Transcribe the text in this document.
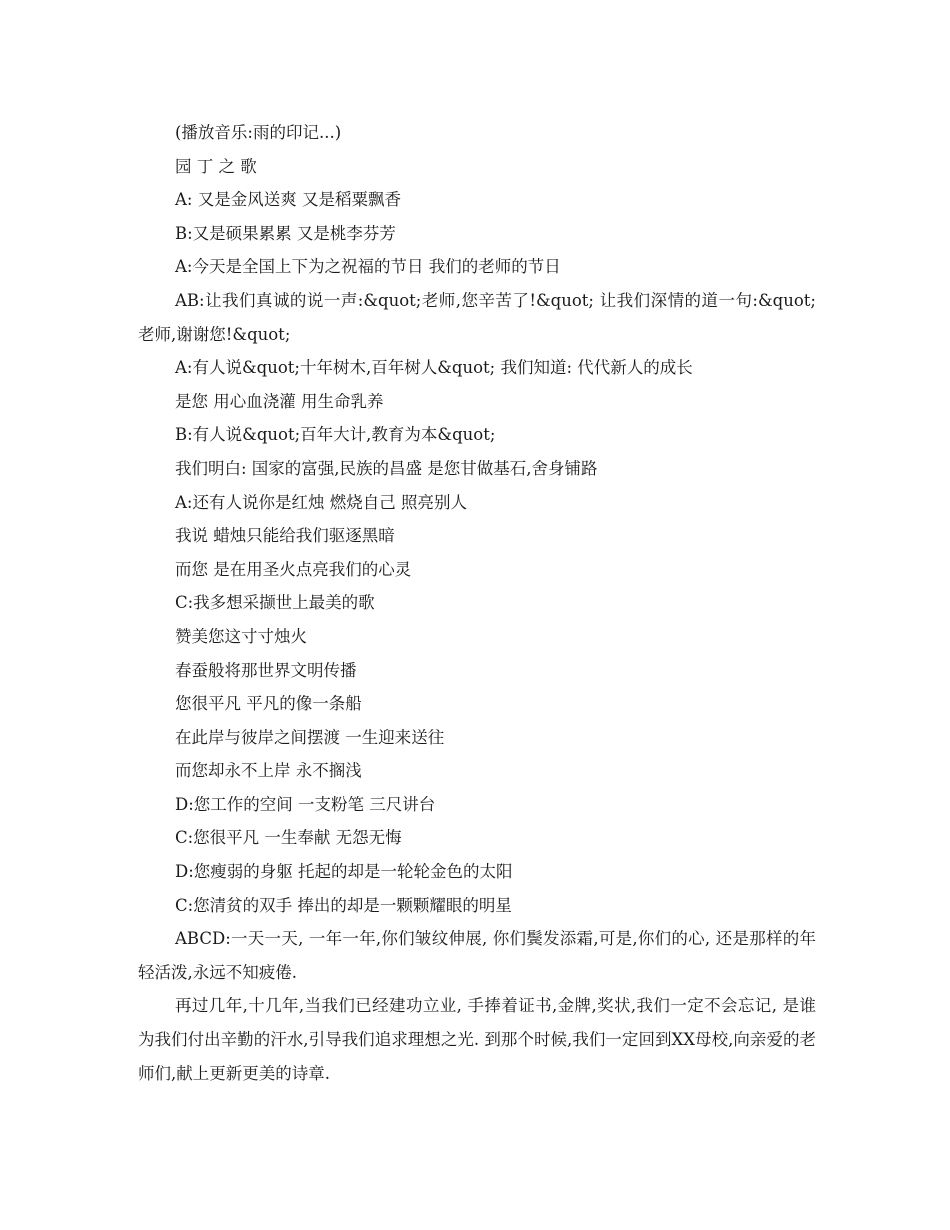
(播放音乐:雨的印记...)

园 丁 之 歌

A: 又是金风送爽 又是稻粟飘香

B:又是硕果累累 又是桃李芬芳

A:今天是全国上下为之祝福的节日 我们的老师的节日

AB:让我们真诚的说一声:&quot;老师,您辛苦了!&quot; 让我们深情的道一句:&quot;老师,谢谢您!&quot;

A:有人说&quot;十年树木,百年树人&quot; 我们知道: 代代新人的成长

是您 用心血浇灌 用生命乳养

B:有人说&quot;百年大计,教育为本&quot;

我们明白: 国家的富强,民族的昌盛 是您甘做基石,舍身铺路

A:还有人说你是红烛 燃烧自己 照亮别人

我说 蜡烛只能给我们驱逐黑暗

而您 是在用圣火点亮我们的心灵

C:我多想采撷世上最美的歌

赞美您这寸寸烛火

春蚕般将那世界文明传播

您很平凡 平凡的像一条船

在此岸与彼岸之间摆渡 一生迎来送往

而您却永不上岸 永不搁浅

D:您工作的空间 一支粉笔 三尺讲台

C:您很平凡 一生奉献 无怨无悔

D:您瘦弱的身躯 托起的却是一轮轮金色的太阳

C:您清贫的双手 捧出的却是一颗颗耀眼的明星

ABCD:一天一天, 一年一年,你们皱纹伸展, 你们鬓发添霜,可是,你们的心, 还是那样的年轻活泼,永远不知疲倦.

再过几年,十几年,当我们已经建功立业, 手捧着证书,金牌,奖状,我们一定不会忘记, 是谁为我们付出辛勤的汗水,引导我们追求理想之光. 到那个时候,我们一定回到XX母校,向亲爱的老师们,献上更新更美的诗章.
